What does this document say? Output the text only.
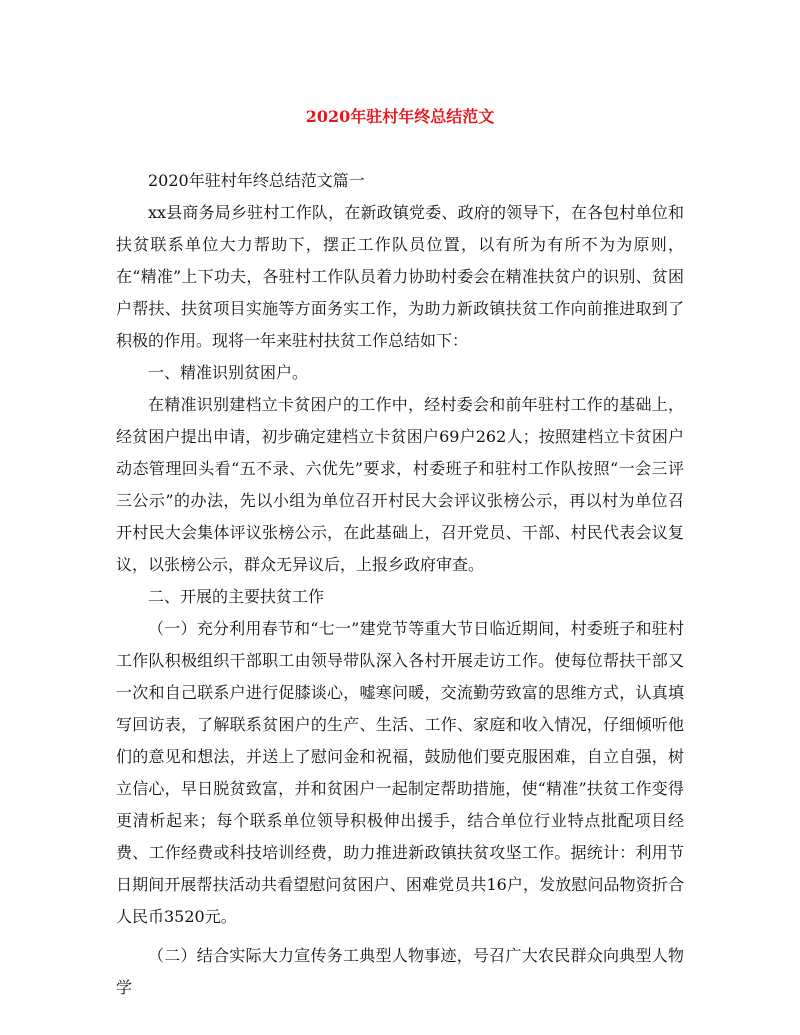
2020年驻村年终总结范文

2020年驻村年终总结范文篇一

xx县商务局乡驻村工作队，在新政镇党委、政府的领导下，在各包村单位和扶贫联系单位大力帮助下，摆正工作队员位置，以有所为有所不为为原则，在“精准”上下功夫，各驻村工作队员着力协助村委会在精准扶贫户的识别、贫困户帮扶、扶贫项目实施等方面务实工作，为助力新政镇扶贫工作向前推进取到了积极的作用。现将一年来驻村扶贫工作总结如下：

一、精准识别贫困户。

在精准识别建档立卡贫困户的工作中，经村委会和前年驻村工作的基础上，经贫困户提出申请，初步确定建档立卡贫困户69户262人；按照建档立卡贫困户动态管理回头看“五不录、六优先”要求，村委班子和驻村工作队按照“一会三评三公示”的办法，先以小组为单位召开村民大会评议张榜公示，再以村为单位召开村民大会集体评议张榜公示，在此基础上，召开党员、干部、村民代表会议复议，以张榜公示，群众无异议后，上报乡政府审查。

二、开展的主要扶贫工作

（一）充分利用春节和“七一”建党节等重大节日临近期间，村委班子和驻村工作队积极组织干部职工由领导带队深入各村开展走访工作。使每位帮扶干部又一次和自己联系户进行促膝谈心，嘘寒问暖，交流勤劳致富的思维方式，认真填写回访表，了解联系贫困户的生产、生活、工作、家庭和收入情况，仔细倾听他们的意见和想法，并送上了慰问金和祝福，鼓励他们要克服困难，自立自强，树立信心，早日脱贫致富，并和贫困户一起制定帮助措施，使“精准”扶贫工作变得更清析起来；每个联系单位领导积极伸出援手，结合单位行业特点批配项目经费、工作经费或科技培训经费，助力推进新政镇扶贫攻坚工作。据统计：利用节日期间开展帮扶活动共看望慰问贫困户、困难党员共16户，发放慰问品物资折合人民币3520元。

（二）结合实际大力宣传务工典型人物事迹，号召广大农民群众向典型人物学
